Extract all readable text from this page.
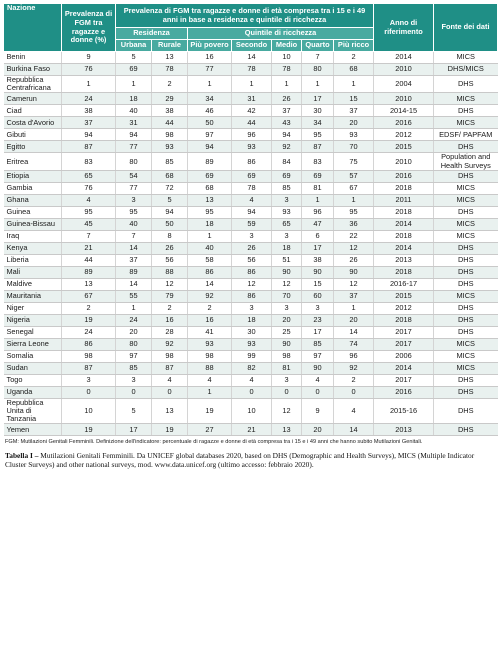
Nazione	Prevalenza di FGM tra ragazze e donne (%)	Prevalenza di FGM tra ragazze e donne di età compresa tra i 15 e i 49 anni in base a residenza e quintile di ricchezza							Anno di riferimento	Fonte dei dati
		Residenza		Quintile di ricchezza						
		Urbana	Rurale	Più povero	Secondo	Medio	Quarto	Più ricco		
Benin	9	5	13	16	14	10	7	2	2014	MICS
Burkina Faso	76	69	78	77	78	78	80	68	2010	DHS/MICS
Repubblica Centrafricana	1	1	2	1	1	1	1	1	2004	DHS
Camerun	24	18	29	34	31	26	17	15	2010	MICS
Ciad	38	40	38	46	42	37	30	37	2014-15	DHS
Costa d'Avorio	37	31	44	50	44	43	34	20	2016	MICS
Gibuti	94	94	98	97	96	94	95	93	2012	EDSF/ PAPFAM
Egitto	87	77	93	94	93	92	87	70	2015	DHS
Eritrea	83	80	85	89	86	84	83	75	2010	Population and Health Surveys
Etiopia	65	54	68	69	69	69	69	57	2016	DHS
Gambia	76	77	72	68	78	85	81	67	2018	MICS
Ghana	4	3	5	13	4	3	1	1	2011	MICS
Guinea	95	95	94	95	94	93	96	95	2018	DHS
Guinea-Bissau	45	40	50	18	59	65	47	36	2014	MICS
Iraq	7	7	8	1	3	3	6	22	2018	MICS
Kenya	21	14	26	40	26	18	17	12	2014	DHS
Liberia	44	37	56	58	56	51	38	26	2013	DHS
Mali	89	89	88	86	86	90	90	90	2018	DHS
Maldive	13	14	12	14	12	12	15	12	2016-17	DHS
Mauritania	67	55	79	92	86	70	60	37	2015	MICS
Niger	2	1	2	2	3	3	3	1	2012	DHS
Nigeria	19	24	16	16	18	20	23	20	2018	DHS
Senegal	24	20	28	41	30	25	17	14	2017	DHS
Sierra Leone	86	80	92	93	93	90	85	74	2017	MICS
Somalia	98	97	98	98	99	98	97	96	2006	MICS
Sudan	87	85	87	88	82	81	90	92	2014	MICS
Togo	3	3	4	4	4	3	4	2	2017	DHS
Uganda	0	0	0	1	0	0	0	0	2016	DHS
Repubblica Unita di Tanzania	10	5	13	19	10	12	9	4	2015-16	DHS
Yemen	19	17	19	27	21	13	20	14	2013	DHS
FGM: Mutilazioni Genitali Femminili. Definizione dell'indicatore: percentuale di ragazze e donne di età compresa tra i 15 e i 49 anni che hanno subito Mutilazioni Genitali.
Tabella I – Mutilazioni Genitali Femminili. Da UNICEF global databases 2020, based on DHS (Demographic and Health Surveys), MICS (Multiple Indicator Cluster Surveys) and other national surveys, mod. www.data.unicef.org (ultimo accesso: febbraio 2020).
